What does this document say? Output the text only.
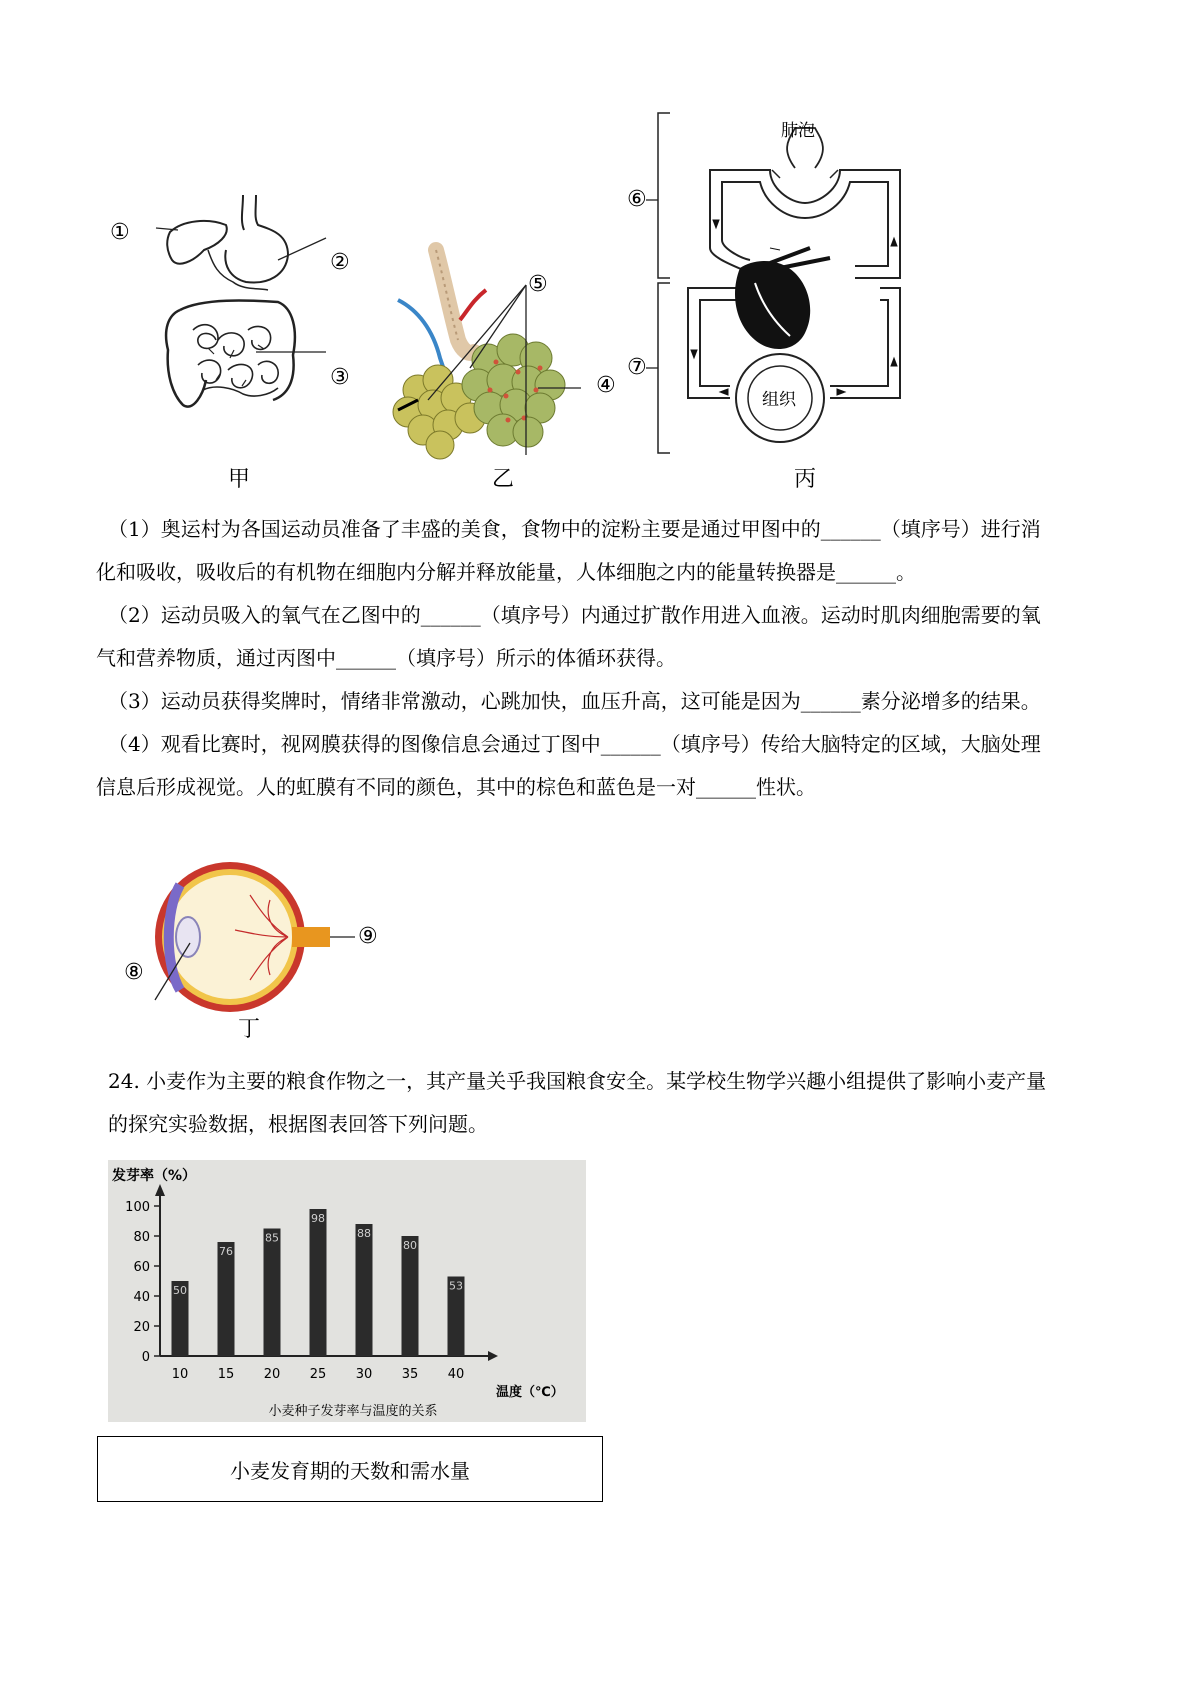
①
②
③
甲
⑤
④
乙
肺泡
组织
⑥
⑦
丙

（1）奥运村为各国运动员准备了丰盛的美食，食物中的淀粉主要是通过甲图中的______（填序号）进行消

化和吸收，吸收后的有机物在细胞内分解并释放能量，人体细胞之内的能量转换器是______。

（2）运动员吸入的氧气在乙图中的______（填序号）内通过扩散作用进入血液。运动时肌肉细胞需要的氧

气和营养物质，通过丙图中______（填序号）所示的体循环获得。

（3）运动员获得奖牌时，情绪非常激动，心跳加快，血压升高，这可能是因为______素分泌增多的结果。

（4）观看比赛时，视网膜获得的图像信息会通过丁图中______（填序号）传给大脑特定的区域，大脑处理

信息后形成视觉。人的虹膜有不同的颜色，其中的棕色和蓝色是一对______性状。

⑨
⑧
丁

24. 小麦作为主要的粮食作物之一，其产量关乎我国粮食安全。某学校生物学兴趣小组提供了影响小麦产量

的探究实验数据，根据图表回答下列问题。

发芽率（%）
温度（℃）
小麦种子发芽率与温度的关系
0
20
40
60
80
100
50
10
76
15
85
20
98
25
88
30
80
35
53
40
小麦发育期的天数和需水量
